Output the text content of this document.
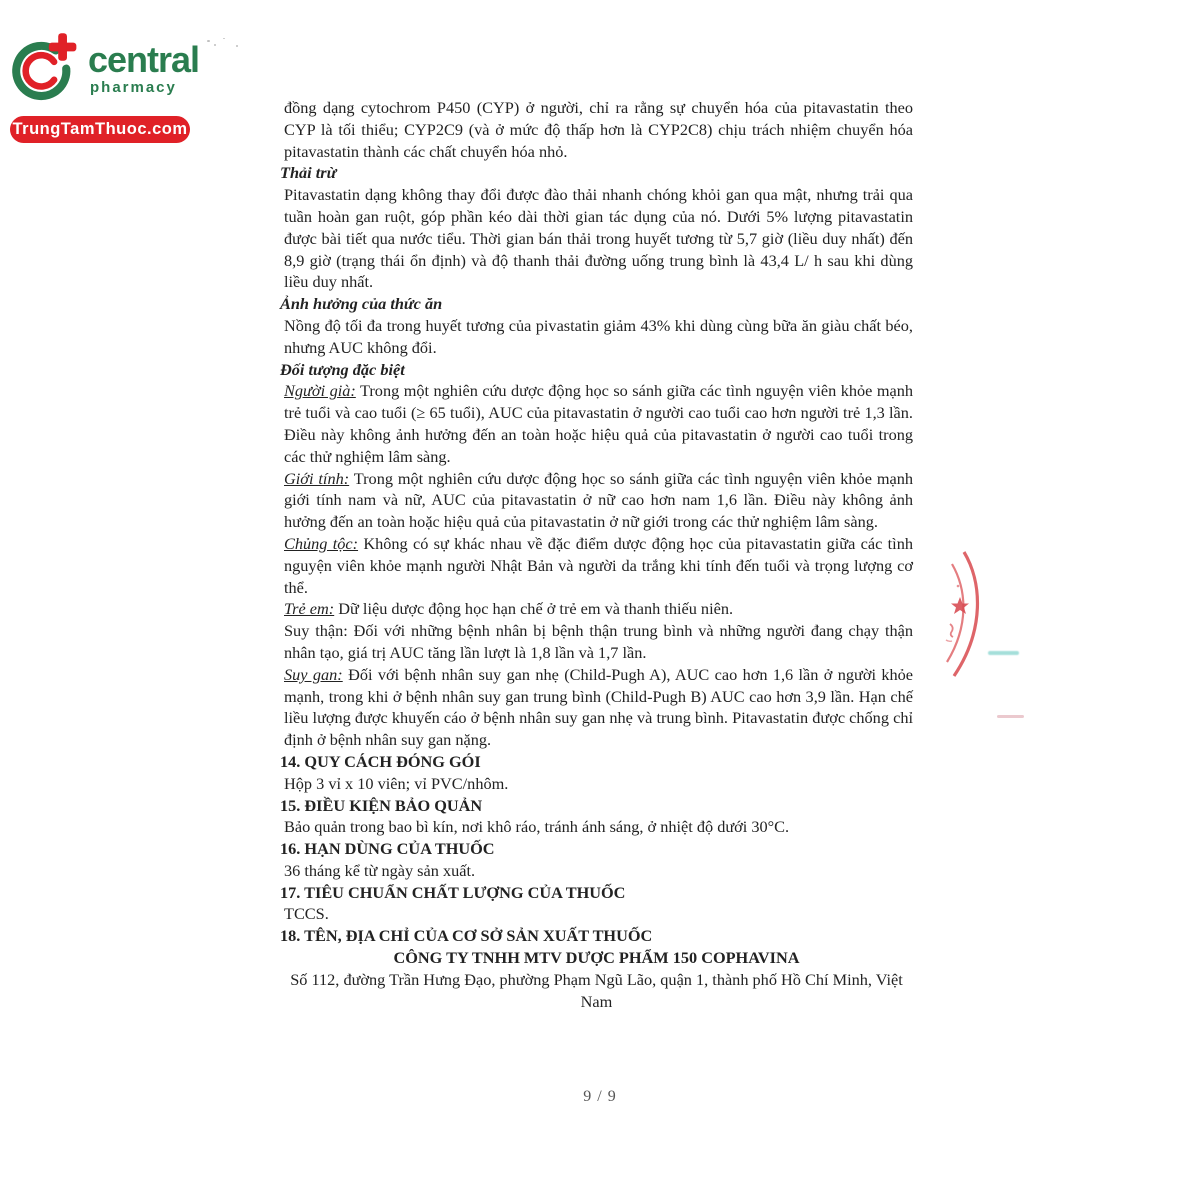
central
pharmacy
TrungTamThuoc.com

đồng dạng cytochrom P450 (CYP) ở người, chỉ ra rằng sự chuyển hóa của pitavastatin theo CYP là tối thiểu; CYP2C9 (và ở mức độ thấp hơn là CYP2C8) chịu trách nhiệm chuyển hóa pitavastatin thành các chất chuyển hóa nhỏ.

Thải trừ

Pitavastatin dạng không thay đổi được đào thải nhanh chóng khỏi gan qua mật, nhưng trải qua tuần hoàn gan ruột, góp phần kéo dài thời gian tác dụng của nó. Dưới 5% lượng pitavastatin được bài tiết qua nước tiểu. Thời gian bán thải trong huyết tương từ 5,7 giờ (liều duy nhất) đến 8,9 giờ (trạng thái ổn định) và độ thanh thải đường uống trung bình là 43,4 L/ h sau khi dùng liều duy nhất.

Ảnh hưởng của thức ăn

Nồng độ tối đa trong huyết tương của pivastatin giảm 43% khi dùng cùng bữa ăn giàu chất béo, nhưng AUC không đổi.

Đối tượng đặc biệt

Người già: Trong một nghiên cứu dược động học so sánh giữa các tình nguyện viên khỏe mạnh trẻ tuổi và cao tuổi (≥ 65 tuổi), AUC của pitavastatin ở người cao tuổi cao hơn người trẻ 1,3 lần. Điều này không ảnh hưởng đến an toàn hoặc hiệu quả của pitavastatin ở người cao tuổi trong các thử nghiệm lâm sàng.

Giới tính: Trong một nghiên cứu dược động học so sánh giữa các tình nguyện viên khỏe mạnh giới tính nam và nữ, AUC của pitavastatin ở nữ cao hơn nam 1,6 lần. Điều này không ảnh hưởng đến an toàn hoặc hiệu quả của pitavastatin ở nữ giới trong các thử nghiệm lâm sàng.

Chủng tộc: Không có sự khác nhau về đặc điểm dược động học của pitavastatin giữa các tình nguyện viên khỏe mạnh người Nhật Bản và người da trắng khi tính đến tuổi và trọng lượng cơ thể.

Trẻ em: Dữ liệu dược động học hạn chế ở trẻ em và thanh thiếu niên.

Suy thận: Đối với những bệnh nhân bị bệnh thận trung bình và những người đang chạy thận nhân tạo, giá trị AUC tăng lần lượt là 1,8 lần và 1,7 lần.

Suy gan: Đối với bệnh nhân suy gan nhẹ (Child-Pugh A), AUC cao hơn 1,6 lần ở người khỏe mạnh, trong khi ở bệnh nhân suy gan trung bình (Child-Pugh B) AUC cao hơn 3,9 lần. Hạn chế liều lượng được khuyến cáo ở bệnh nhân suy gan nhẹ và trung bình. Pitavastatin được chống chỉ định ở bệnh nhân suy gan nặng.

14. QUY CÁCH ĐÓNG GÓI

Hộp 3 vỉ x 10 viên; vỉ PVC/nhôm.

15. ĐIỀU KIỆN BẢO QUẢN

Bảo quản trong bao bì kín, nơi khô ráo, tránh ánh sáng, ở nhiệt độ dưới 30°C.

16. HẠN DÙNG CỦA THUỐC

36 tháng kể từ ngày sản xuất.

17. TIÊU CHUẨN CHẤT LƯỢNG CỦA THUỐC

TCCS.

18. TÊN, ĐỊA CHỈ CỦA CƠ SỞ SẢN XUẤT THUỐC

CÔNG TY TNHH MTV DƯỢC PHẨM 150 COPHAVINA

Số 112, đường Trần Hưng Đạo, phường Phạm Ngũ Lão, quận 1, thành phố Hồ Chí Minh, Việt Nam

9 / 9
